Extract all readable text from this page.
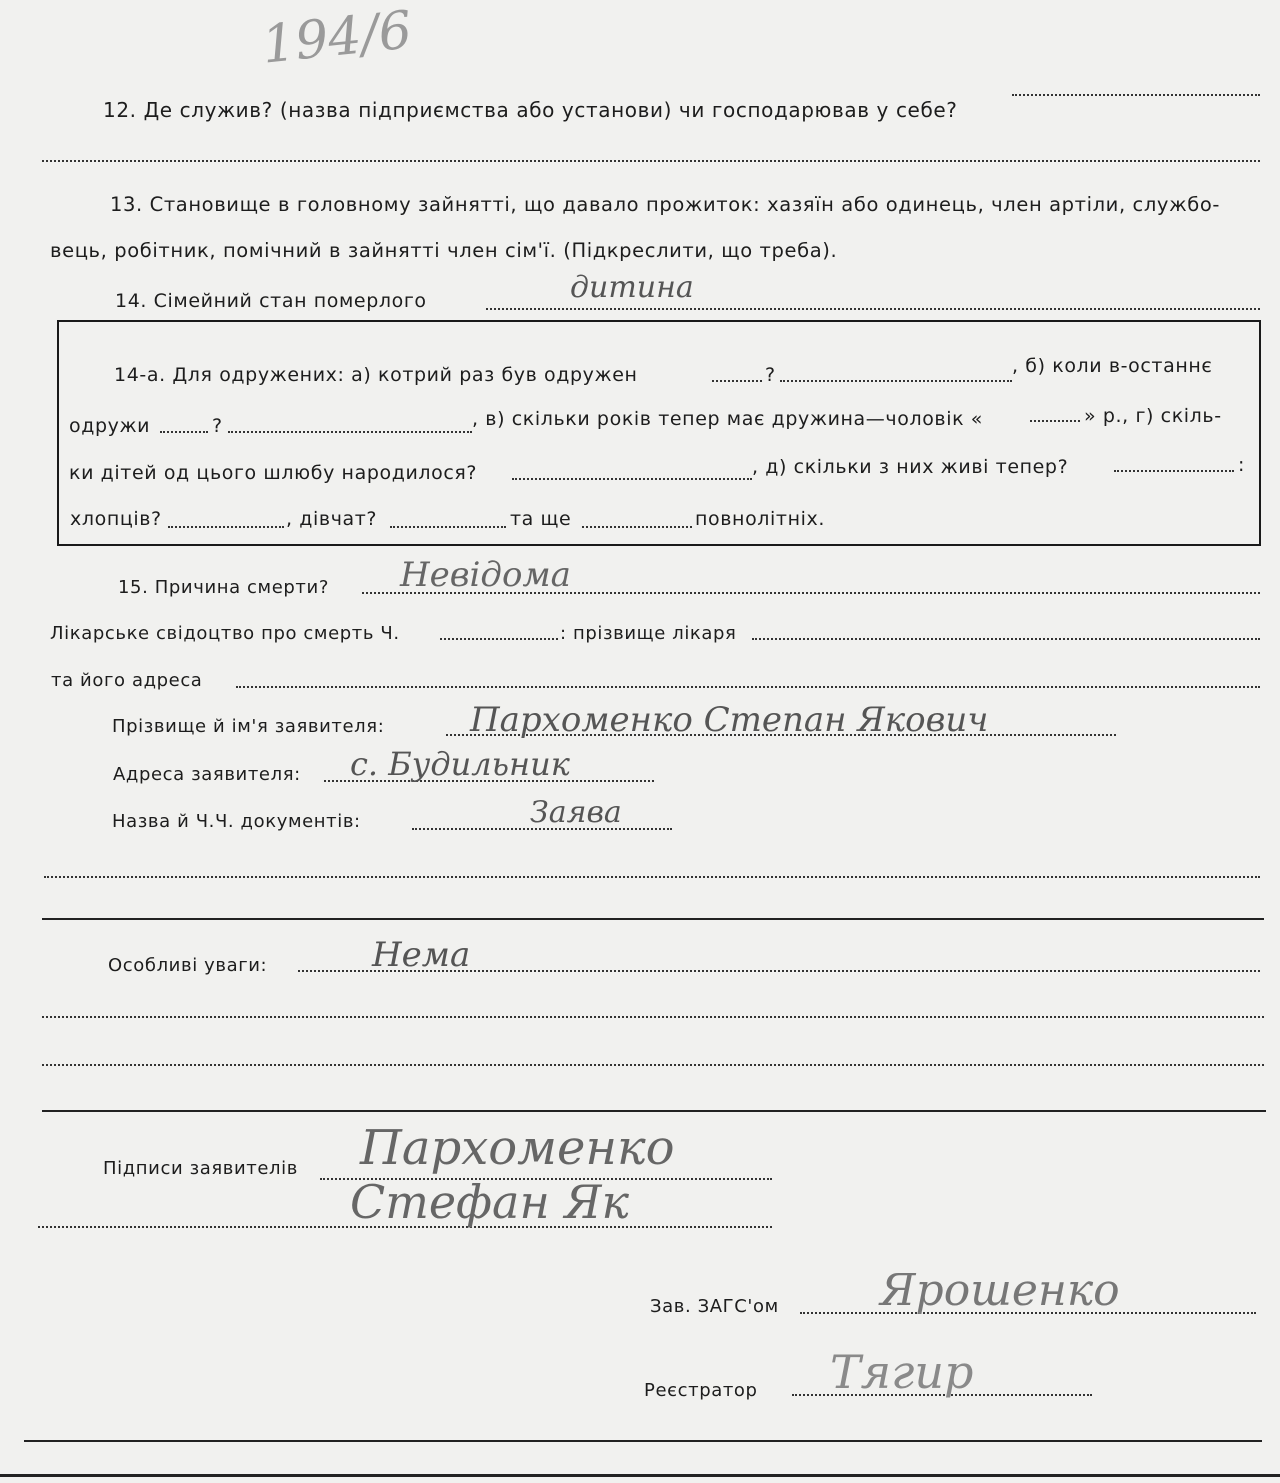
194/6
12. Де служив? (назва підприємства або установи) чи господарював у себе?
13. Становище в головному зайнятті, що давало прожиток: хазяїн або одинець, член артіли, службо-
вець, робітник, помічний в зайнятті член сім'ї. (Підкреслити, що треба).
14. Сімейний стан померлого	дитина
14-а. Для одружених: а) котрий раз був одружен	?	, б) коли в-останнє
одружи	?	, в) скільки років тепер має дружина—чоловік «	» р., г) скіль-
ки дітей од цього шлюбу народилося?	, д) скільки з них живі тепер?	:
хлопців?	, дівчат?	та ще	повнолітніх.
15. Причина смерти? Невідома
Лікарське свідоцтво про смерть Ч.	: прізвище лікаря
та його адреса
Прізвище й ім'я заявителя:	Пархоменко Степан Якович
Адреса заявителя: с. Будильник
Назва й Ч.Ч. документів:	Заява
Особливі уваги:	Нема
Підписи заявителів Пархоменко
Стефан Як
Зав. ЗАГС'ом Ярошенко
Реєстратор Тягир
